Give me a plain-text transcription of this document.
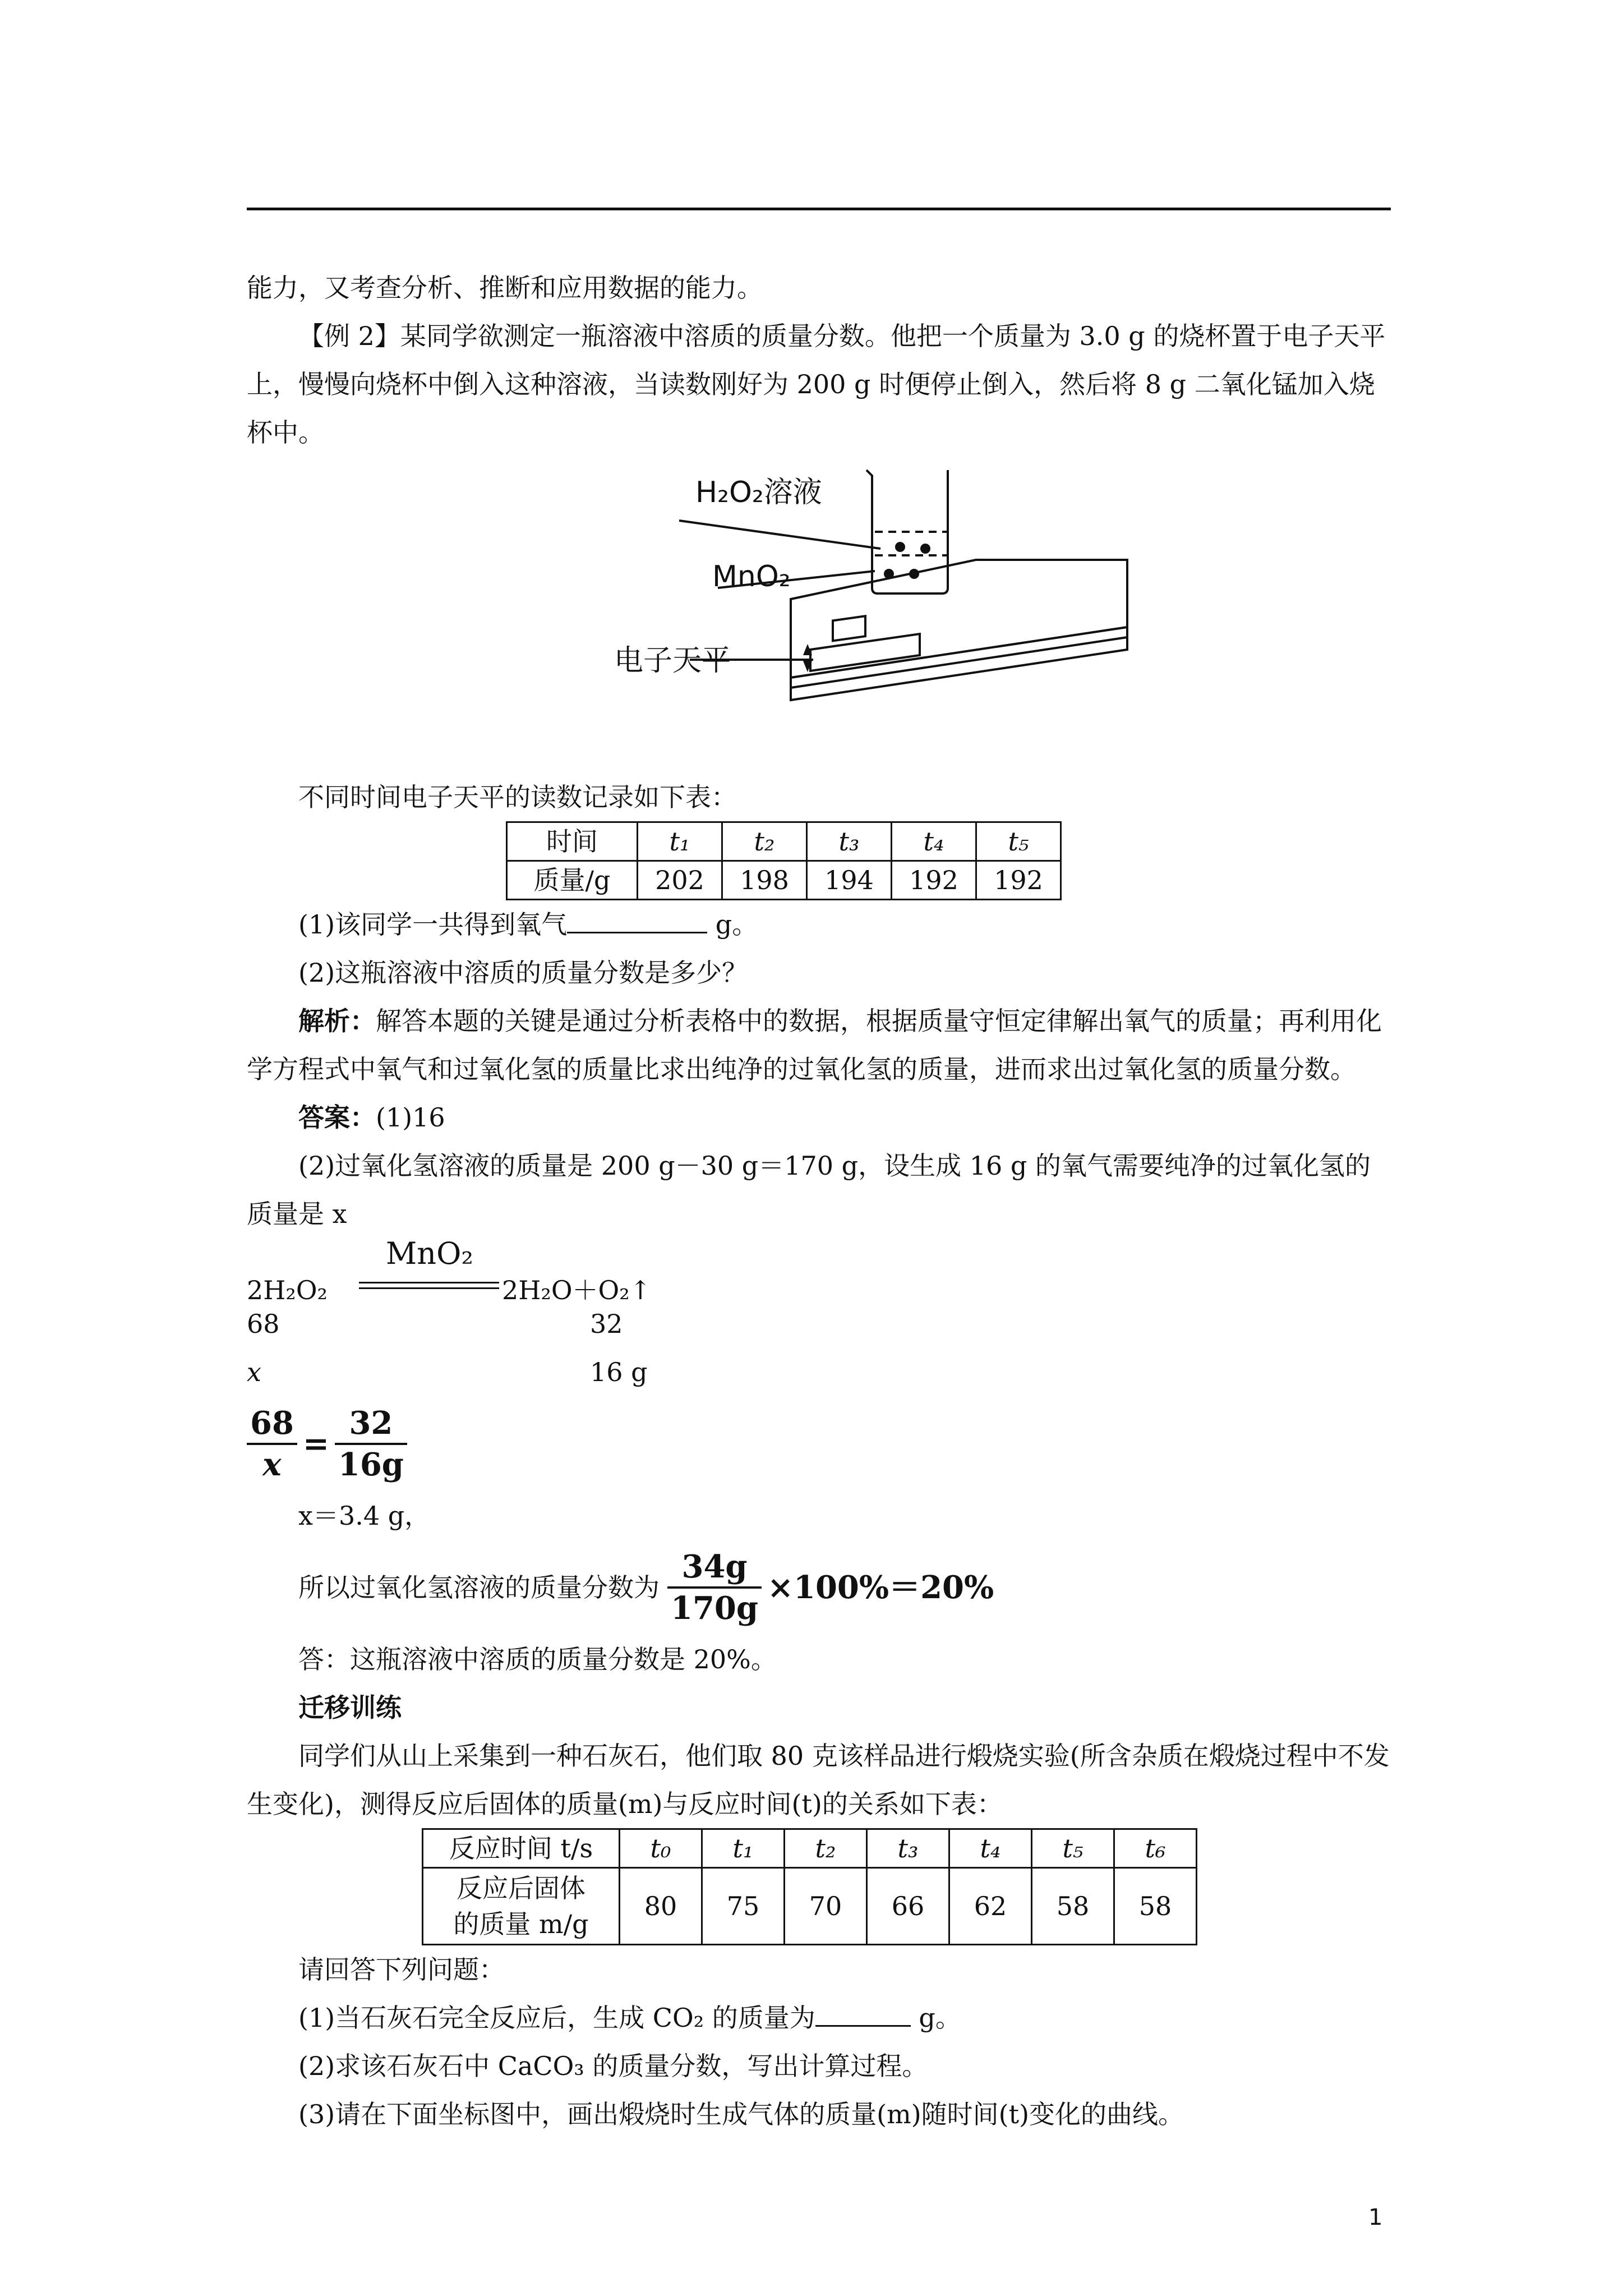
能力，又考查分析、推断和应用数据的能力。

【例 2】某同学欲测定一瓶溶液中溶质的质量分数。他把一个质量为 3.0 g 的烧杯置于电子天平上，慢慢向烧杯中倒入这种溶液，当读数刚好为 200 g 时便停止倒入，然后将 8 g 二氧化锰加入烧杯中。

H₂O₂溶液
MnO₂
电子天平

不同时间电子天平的读数记录如下表：

时间	t₁	t₂	t₃	t₄	t₅
质量/g	202	198	194	192	192

(1)该同学一共得到氧气	g。

(2)这瓶溶液中溶质的质量分数是多少？

解析：解答本题的关键是通过分析表格中的数据，根据质量守恒定律解出氧气的质量；再利用化学方程式中氧气和过氧化氢的质量比求出纯净的过氧化氢的质量，进而求出过氧化氢的质量分数。

答案：(1)16

(2)过氧化氢溶液的质量是 200 g－30 g＝170 g，设生成 16 g 的氧气需要纯净的过氧化氢的质量是 x

MnO₂
2H₂O₂	2H₂O＋O₂↑
68	32
x	16 g
$\frac{68}{x} = \frac{32}{16g}$

x＝3.4 g，

所以过氧化氢溶液的质量分数为 $\frac{34g}{170g} \times 100\%=20\%$

答：这瓶溶液中溶质的质量分数是 20%。

迁移训练

同学们从山上采集到一种石灰石，他们取 80 克该样品进行煅烧实验(所含杂质在煅烧过程中不发生变化)，测得反应后固体的质量(m)与反应时间(t)的关系如下表：

反应时间 t/s	t₀	t₁	t₂	t₃	t₄	t₅	t₆
反应后固体
的质量 m/g	80	75	70	66	62	58	58

请回答下列问题：

(1)当石灰石完全反应后，生成 CO₂ 的质量为	g。

(2)求该石灰石中 CaCO₃ 的质量分数，写出计算过程。

(3)请在下面坐标图中，画出煅烧时生成气体的质量(m)随时间(t)变化的曲线。

1
